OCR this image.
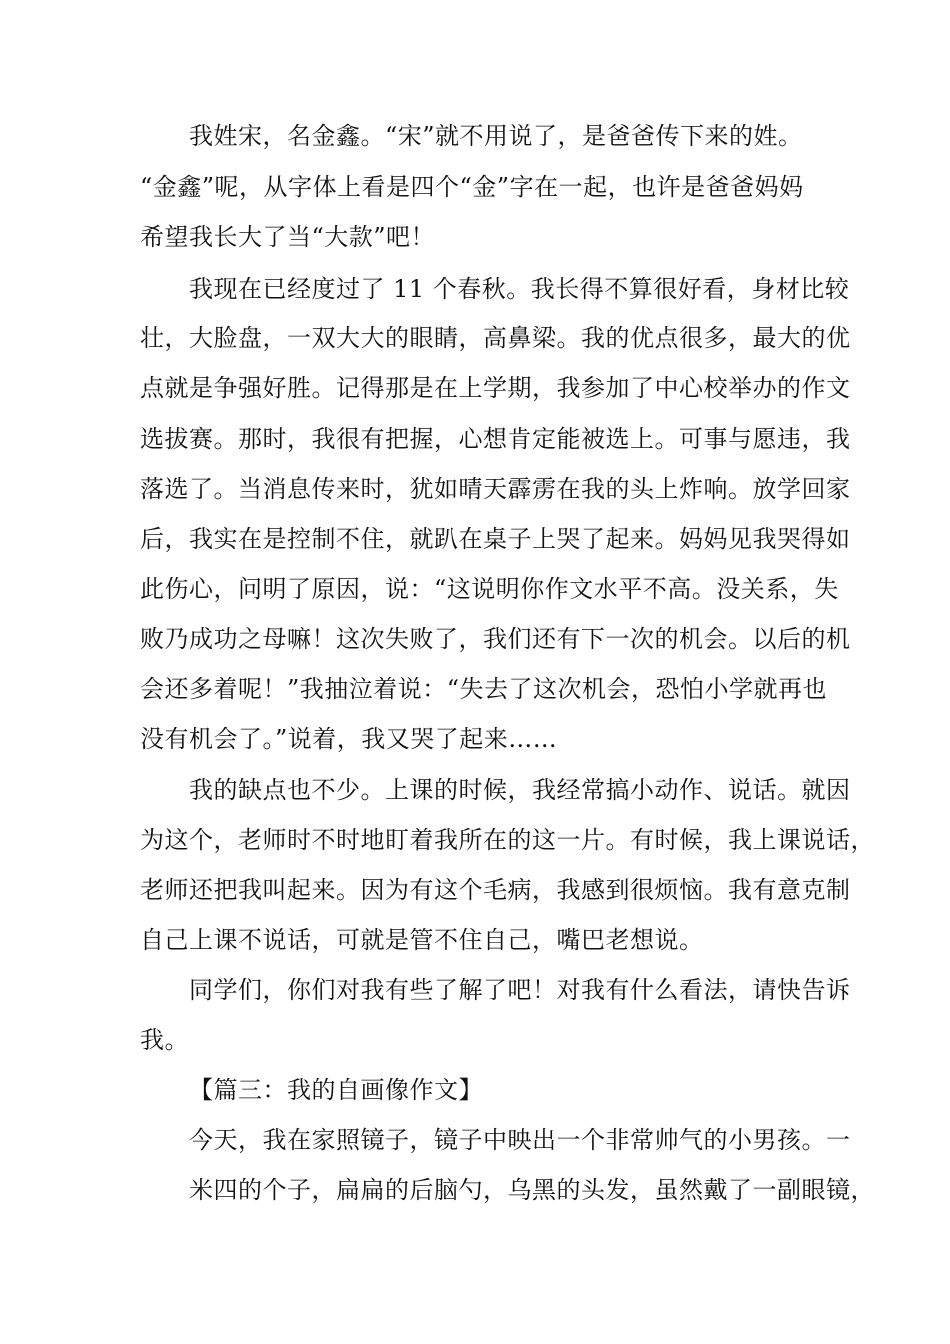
我姓宋，名金鑫。“宋”就不用说了，是爸爸传下来的姓。
“金鑫”呢，从字体上看是四个“金”字在一起，也许是爸爸妈妈
希望我长大了当“大款”吧！
我现在已经度过了 11 个春秋。我长得不算很好看，身材比较
壮，大脸盘，一双大大的眼睛，高鼻梁。我的优点很多，最大的优
点就是争强好胜。记得那是在上学期，我参加了中心校举办的作文
选拔赛。那时，我很有把握，心想肯定能被选上。可事与愿违，我
落选了。当消息传来时，犹如晴天霹雳在我的头上炸响。放学回家
后，我实在是控制不住，就趴在桌子上哭了起来。妈妈见我哭得如
此伤心，问明了原因，说：“这说明你作文水平不高。没关系，失
败乃成功之母嘛！这次失败了，我们还有下一次的机会。以后的机
会还多着呢！”我抽泣着说：“失去了这次机会，恐怕小学就再也
没有机会了。”说着，我又哭了起来……
我的缺点也不少。上课的时候，我经常搞小动作、说话。就因
为这个，老师时不时地盯着我所在的这一片。有时候，我上课说话，
老师还把我叫起来。因为有这个毛病，我感到很烦恼。我有意克制
自己上课不说话，可就是管不住自己，嘴巴老想说。
同学们，你们对我有些了解了吧！对我有什么看法，请快告诉
我。
【篇三：我的自画像作文】
今天，我在家照镜子，镜子中映出一个非常帅气的小男孩。一
米四的个子，扁扁的后脑勺，乌黑的头发，虽然戴了一副眼镜，
